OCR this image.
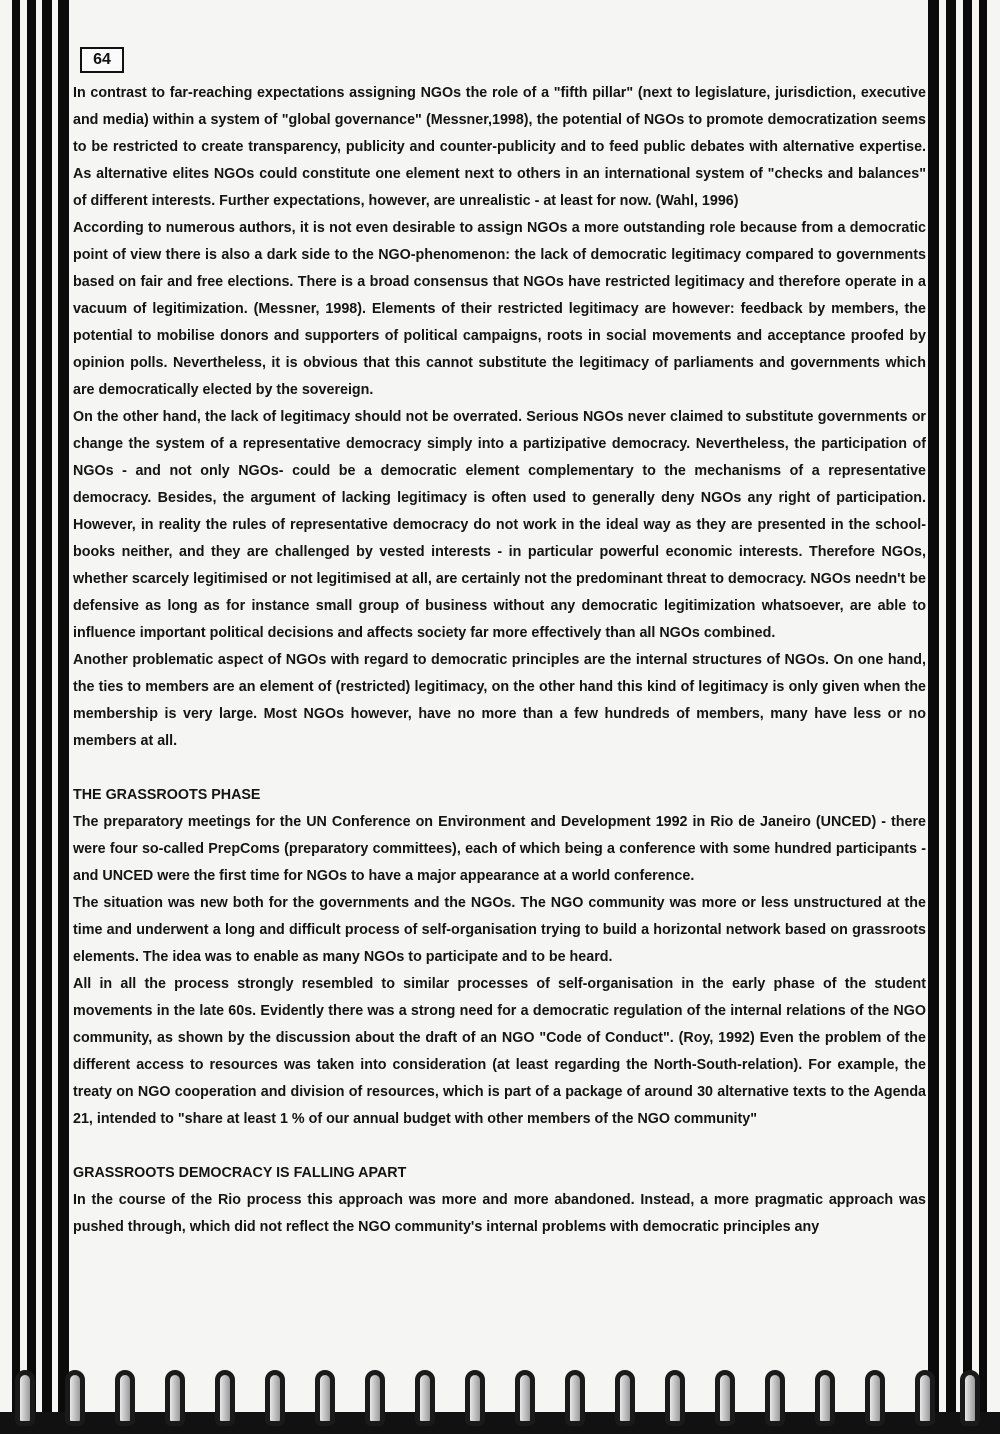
64

In contrast to far-reaching expectations assigning NGOs the role of a "fifth pillar" (next to legislature, jurisdiction, executive and media) within a system of "global governance" (Messner,1998), the potential of NGOs to promote democratization seems to be restricted to create transparency, publicity and counter-publicity and to feed public debates with alternative expertise. As alternative elites NGOs could constitute one element next to others in an international system of "checks and balances" of different interests. Further expectations, however, are unrealistic - at least for now. (Wahl, 1996)

According to numerous authors, it is not even desirable to assign NGOs a more outstanding role because from a democratic point of view there is also a dark side to the NGO-phenomenon: the lack of democratic legitimacy compared to governments based on fair and free elections. There is a broad consensus that NGOs have restricted legitimacy and therefore operate in a vacuum of legitimization. (Messner, 1998). Elements of their restricted legitimacy are however: feedback by members, the potential to mobilise donors and supporters of political campaigns, roots in social movements and acceptance proofed by opinion polls. Nevertheless, it is obvious that this cannot substitute the legitimacy of parliaments and governments which are democratically elected by the sovereign.

On the other hand, the lack of legitimacy should not be overrated. Serious NGOs never claimed to substitute governments or change the system of a representative democracy simply into a partizipative democracy. Nevertheless, the participation of NGOs - and not only NGOs- could be a democratic element complementary to the mechanisms of a representative democracy. Besides, the argument of lacking legitimacy is often used to generally deny NGOs any right of participation. However, in reality the rules of representative democracy do not work in the ideal way as they are presented in the school-books neither, and they are challenged by vested interests - in particular powerful economic interests. Therefore NGOs, whether scarcely legitimised or not legitimised at all, are certainly not the predominant threat to democracy. NGOs needn't be defensive as long as for instance small group of business without any democratic legitimization whatsoever, are able to influence important political decisions and affects society far more effectively than all NGOs combined.

Another problematic aspect of NGOs with regard to democratic principles are the internal structures of NGOs. On one hand, the ties to members are an element of (restricted) legitimacy, on the other hand this kind of legitimacy is only given when the membership is very large. Most NGOs however, have no more than a few hundreds of members, many have less or no members at all.

THE GRASSROOTS PHASE

The preparatory meetings for the UN Conference on Environment and Development 1992 in Rio de Janeiro (UNCED) - there were four so-called PrepComs (preparatory committees), each of which being a conference with some hundred participants - and UNCED were the first time for NGOs to have a major appearance at a world conference.

The situation was new both for the governments and the NGOs. The NGO community was more or less unstructured at the time and underwent a long and difficult process of self-organisation trying to build a horizontal network based on grassroots elements. The idea was to enable as many NGOs to participate and to be heard.

All in all the process strongly resembled to similar processes of self-organisation in the early phase of the student movements in the late 60s. Evidently there was a strong need for a democratic regulation of the internal relations of the NGO community, as shown by the discussion about the draft of an NGO "Code of Conduct". (Roy, 1992) Even the problem of the different access to resources was taken into consideration (at least regarding the North-South-relation). For example, the treaty on NGO cooperation and division of resources, which is part of a package of around 30 alternative texts to the Agenda 21, intended to "share at least 1 % of our annual budget with other members of the NGO community"

GRASSROOTS DEMOCRACY IS FALLING APART

In the course of the Rio process this approach was more and more abandoned. Instead, a more pragmatic approach was pushed through, which did not reflect the NGO community's internal problems with democratic principles any
